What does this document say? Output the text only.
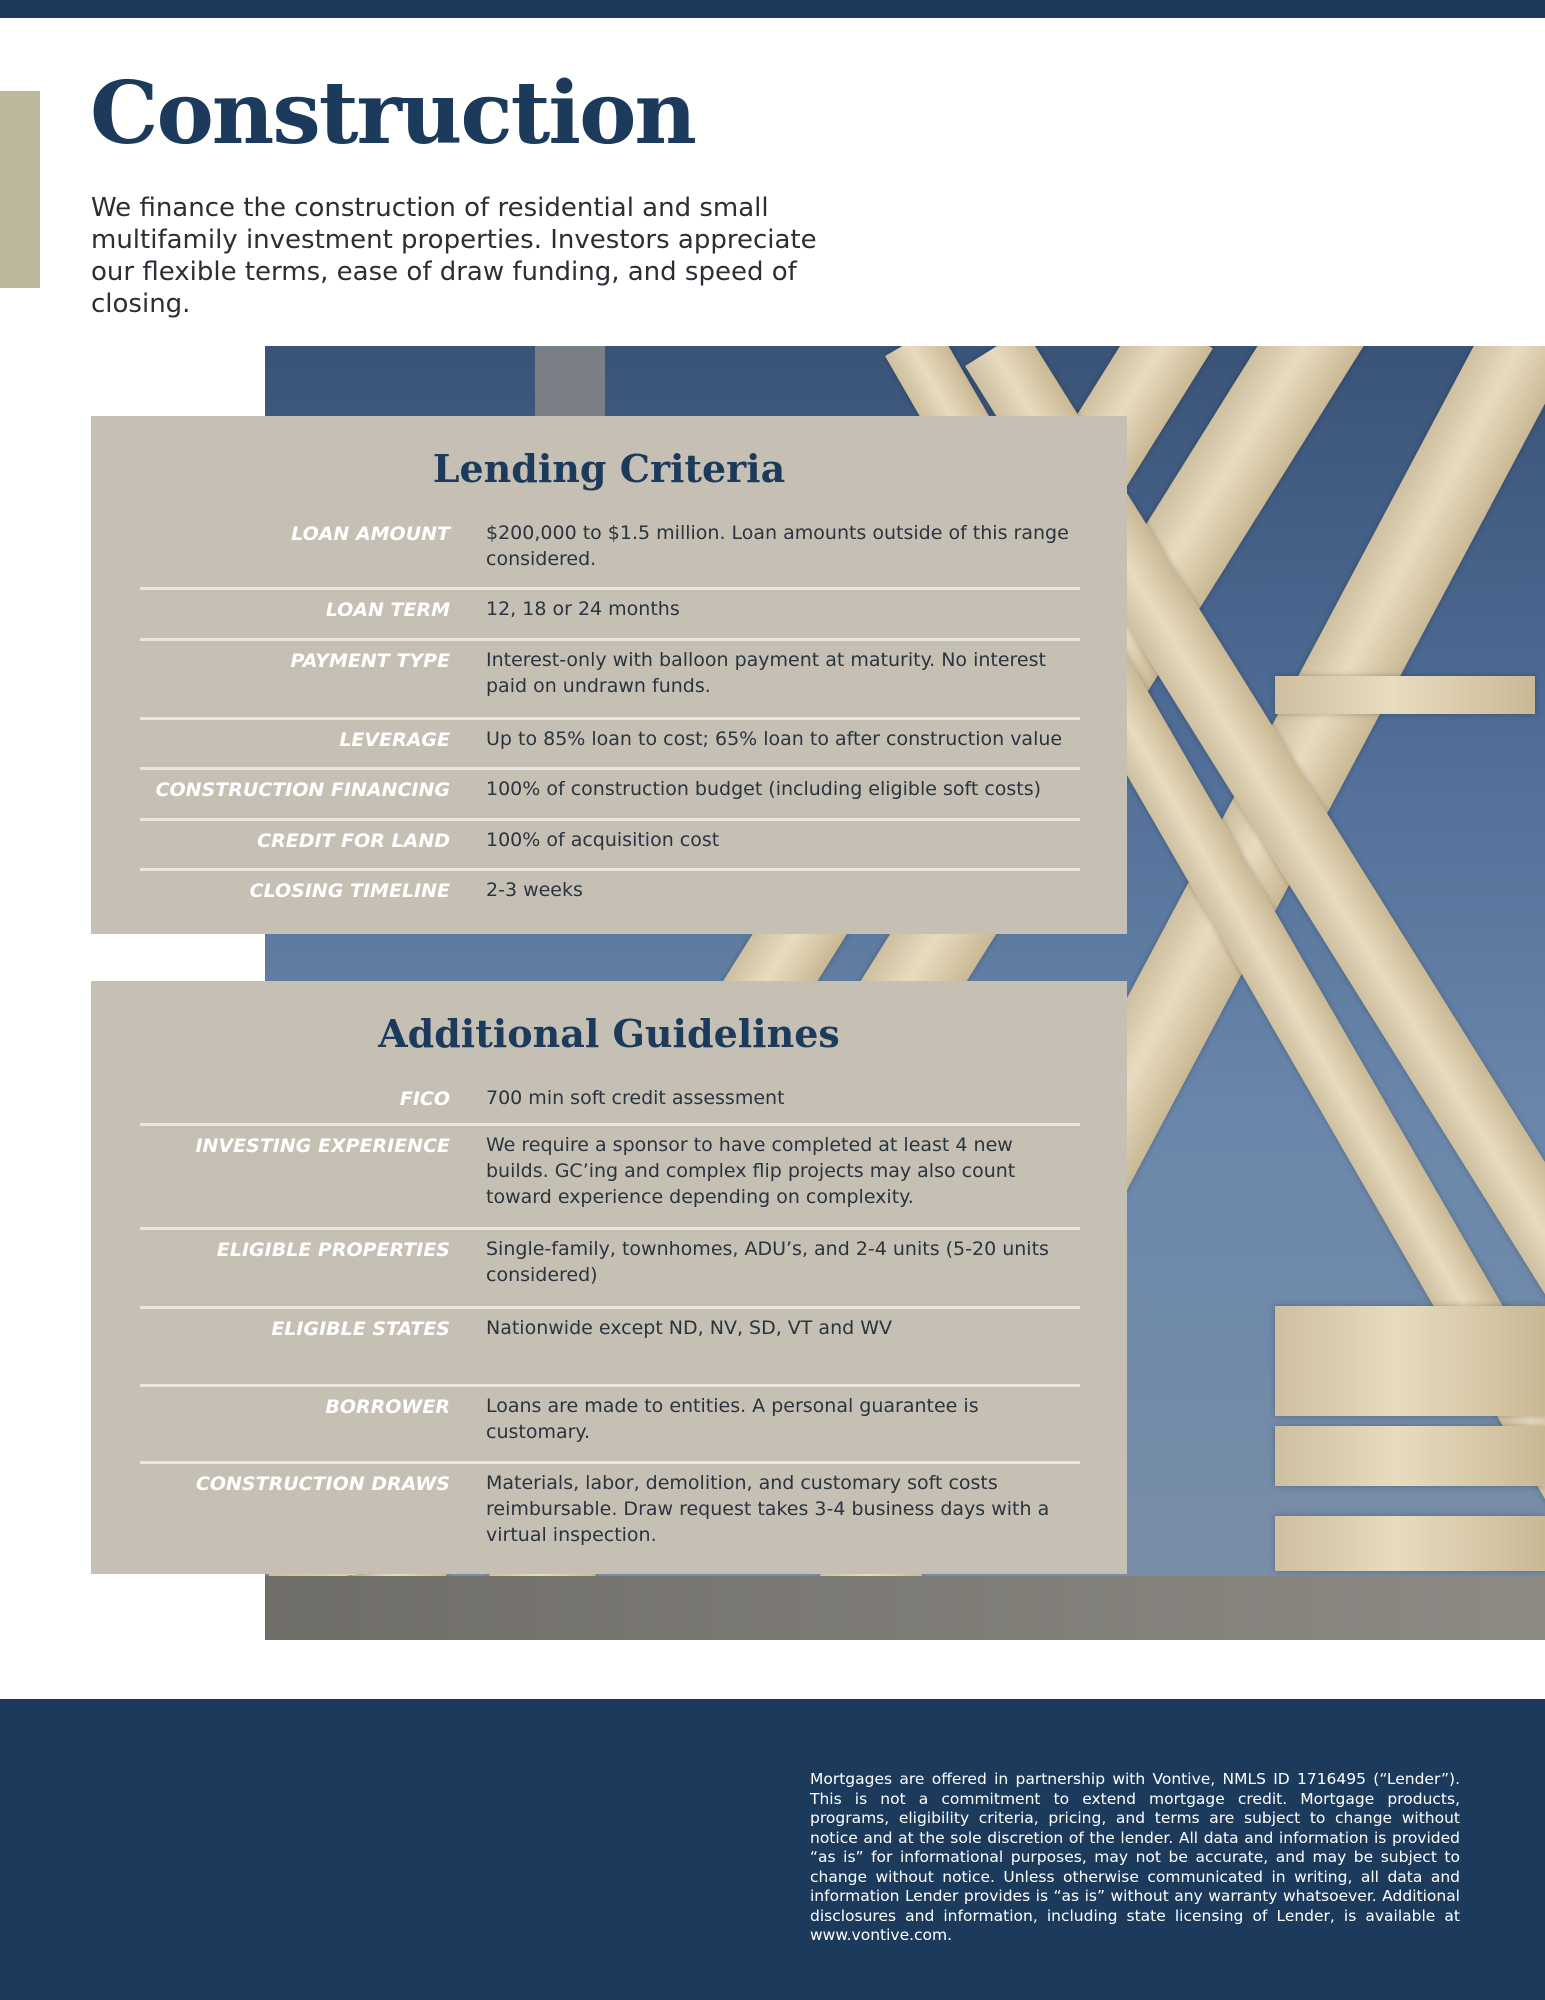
Construction

We finance the construction of residential and small multifamily investment properties. Investors appreciate our flexible terms, ease of draw funding, and speed of closing.

Lending Criteria
LOAN AMOUNT $200,000 to $1.5 million. Loan amounts outside of this range considered.
LOAN TERM 12, 18 or 24 months
PAYMENT TYPE Interest-only with balloon payment at maturity. No interest paid on undrawn funds.
LEVERAGE Up to 85% loan to cost; 65% loan to after construction value
CONSTRUCTION FINANCING 100% of construction budget (including eligible soft costs)
CREDIT FOR LAND 100% of acquisition cost
CLOSING TIMELINE 2-3 weeks
Additional Guidelines
FICO 700 min soft credit assessment
INVESTING EXPERIENCE We require a sponsor to have completed at least 4 new builds. GC’ing and complex flip projects may also count toward experience depending on complexity.
ELIGIBLE PROPERTIES Single-family, townhomes, ADU’s, and 2-4 units (5-20 units considered)
ELIGIBLE STATES Nationwide except ND, NV, SD, VT and WV
BORROWER Loans are made to entities. A personal guarantee is customary.
CONSTRUCTION DRAWS Materials, labor, demolition, and customary soft costs reimbursable. Draw request takes 3-4 business days with a virtual inspection.

Mortgages are offered in partnership with Vontive, NMLS ID 1716495 (“Lender”). This is not a commitment to extend mortgage credit. Mortgage products, programs, eligibility criteria, pricing, and terms are subject to change without notice and at the sole discretion of the lender. All data and information is provided “as is” for informational purposes, may not be accurate, and may be subject to change without notice. Unless otherwise communicated in writing, all data and information Lender provides is “as is” without any warranty whatsoever. Additional disclosures and information, including state licensing of Lender, is available at www.vontive.com.
